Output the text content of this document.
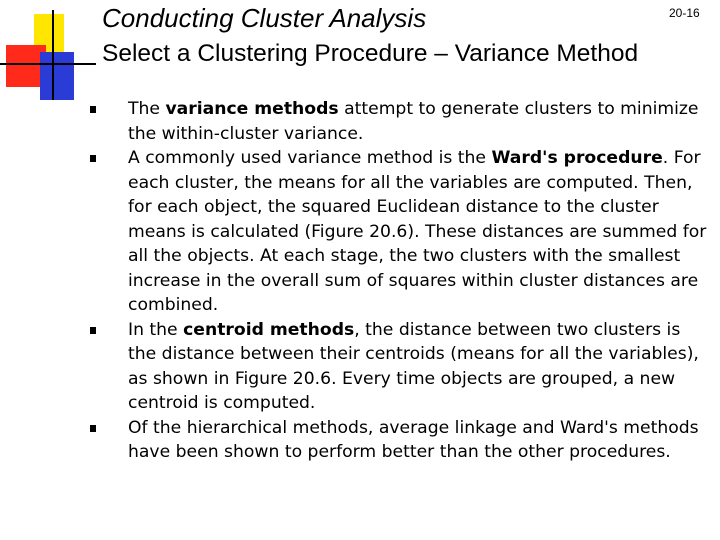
20-16
Conducting Cluster Analysis
Select a Clustering Procedure – Variance Method
The variance methods attempt to generate clusters to minimize the within-cluster variance.
A commonly used variance method is the Ward's procedure. For each cluster, the means for all the variables are computed. Then, for each object, the squared Euclidean distance to the cluster means is calculated (Figure 20.6). These distances are summed for all the objects. At each stage, the two clusters with the smallest increase in the overall sum of squares within cluster distances are combined.
In the centroid methods, the distance between two clusters is the distance between their centroids (means for all the variables), as shown in Figure 20.6. Every time objects are grouped, a new centroid is computed.
Of the hierarchical methods, average linkage and Ward's methods have been shown to perform better than the other procedures.
